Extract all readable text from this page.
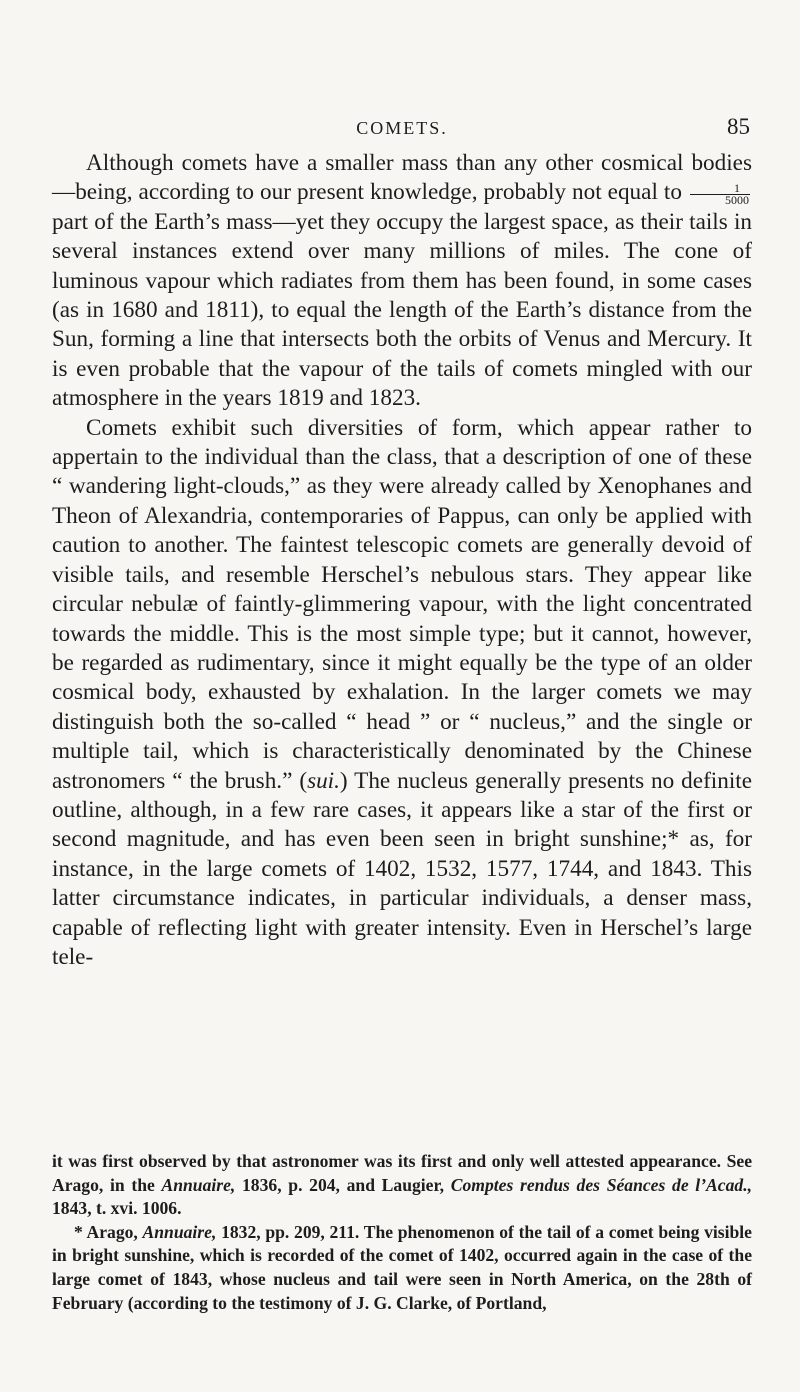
COMETS.	85

Although comets have a smaller mass than any other cosmical bodies—being, according to our present knowledge, probably not equal to $\frac{1}{5000}$
part of the Earth’s mass—yet they occupy the largest space, as their tails in several instances extend over many millions of miles. The cone of luminous vapour which radiates from them has been found, in some cases (as in 1680 and 1811), to equal the length of the Earth’s distance from the Sun, forming a line that intersects both the orbits of Venus and Mercury. It is even probable that the vapour of the tails of comets mingled with our atmosphere in the years 1819 and 1823.

Comets exhibit such diversities of form, which appear rather to appertain to the individual than the class, that a description of one of these “ wandering light-clouds,” as they were already called by Xenophanes and Theon of Alexandria, contemporaries of Pappus, can only be applied with caution to another. The faintest telescopic comets are generally devoid of visible tails, and resemble Herschel’s nebulous stars. They appear like circular nebulæ of faintly-glimmering vapour, with the light concentrated towards the middle. This is the most simple type; but it cannot, however, be regarded as rudimentary, since it might equally be the type of an older cosmical body, exhausted by exhalation. In the larger comets we may distinguish both the so-called “ head ” or “ nucleus,” and the single or multiple tail, which is characteristically denominated by the Chinese astronomers “ the brush.” (sui.) The nucleus generally presents no definite outline, although, in a few rare cases, it appears like a star of the first or second magnitude, and has even been seen in bright sunshine;* as, for instance, in the large comets of 1402, 1532, 1577, 1744, and 1843. This latter circumstance indicates, in particular individuals, a denser mass, capable of reflecting light with greater intensity. Even in Herschel’s large tele-

it was first observed by that astronomer was its first and only well attested appearance. See Arago, in the Annuaire, 1836, p. 204, and Laugier, Comptes rendus des Séances de l’Acad., 1843, t. xvi. 1006.

* Arago, Annuaire, 1832, pp. 209, 211. The phenomenon of the tail of a comet being visible in bright sunshine, which is recorded of the comet of 1402, occurred again in the case of the large comet of 1843, whose nucleus and tail were seen in North America, on the 28th of February (according to the testimony of J. G. Clarke, of Portland,
